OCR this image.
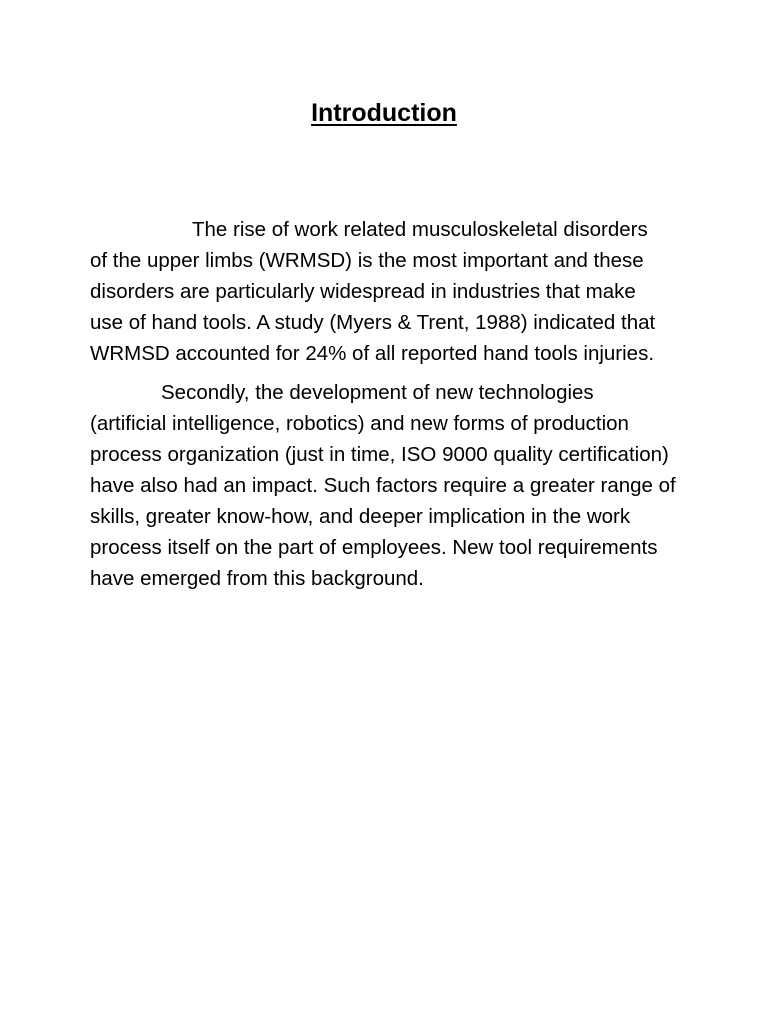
Introduction

The rise of work related musculoskeletal disorders
of the upper limbs (WRMSD) is the most important and these
disorders are particularly widespread in industries that make
use of hand tools. A study (Myers & Trent, 1988) indicated that
WRMSD accounted for 24% of all reported hand tools injuries.

Secondly, the development of new technologies
(artificial intelligence, robotics) and new forms of production
process organization (just in time, ISO 9000 quality certification)
have also had an impact. Such factors require a greater range of
skills, greater know-how, and deeper implication in the work
process itself on the part of employees. New tool requirements
have emerged from this background.
